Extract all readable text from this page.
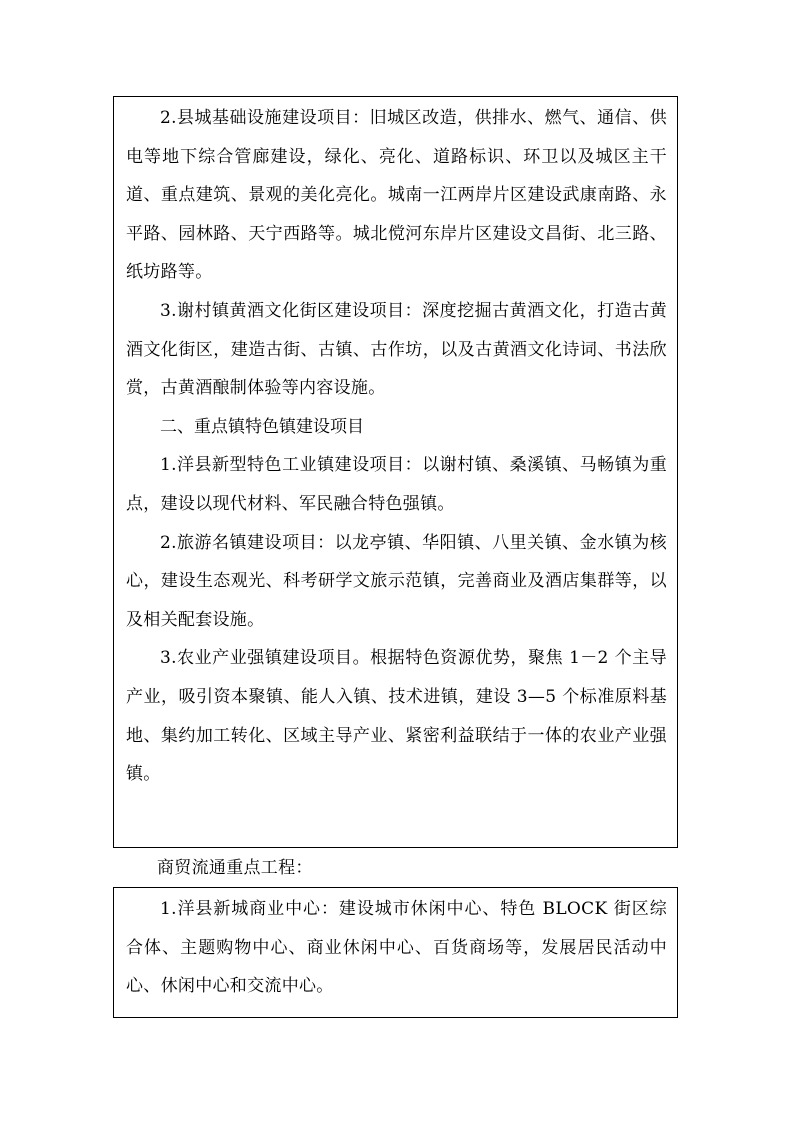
2.县城基础设施建设项目：旧城区改造，供排水、燃气、通信、供电等地下综合管廊建设，绿化、亮化、道路标识、环卫以及城区主干道、重点建筑、景观的美化亮化。城南一江两岸片区建设武康南路、永平路、园林路、天宁西路等。城北傥河东岸片区建设文昌街、北三路、纸坊路等。

3.谢村镇黄酒文化街区建设项目：深度挖掘古黄酒文化，打造古黄酒文化街区，建造古街、古镇、古作坊，以及古黄酒文化诗词、书法欣赏，古黄酒酿制体验等内容设施。

二、重点镇特色镇建设项目

1.洋县新型特色工业镇建设项目：以谢村镇、桑溪镇、马畅镇为重点，建设以现代材料、军民融合特色强镇。

2.旅游名镇建设项目：以龙亭镇、华阳镇、八里关镇、金水镇为核心，建设生态观光、科考研学文旅示范镇，完善商业及酒店集群等，以及相关配套设施。

3.农业产业强镇建设项目。根据特色资源优势，聚焦 1－2 个主导产业，吸引资本聚镇、能人入镇、技术进镇，建设 3—5 个标准原料基地、集约加工转化、区域主导产业、紧密利益联结于一体的农业产业强镇。

商贸流通重点工程：

1.洋县新城商业中心：建设城市休闲中心、特色 BLOCK 街区综合体、主题购物中心、商业休闲中心、百货商场等，发展居民活动中心、休闲中心和交流中心。
